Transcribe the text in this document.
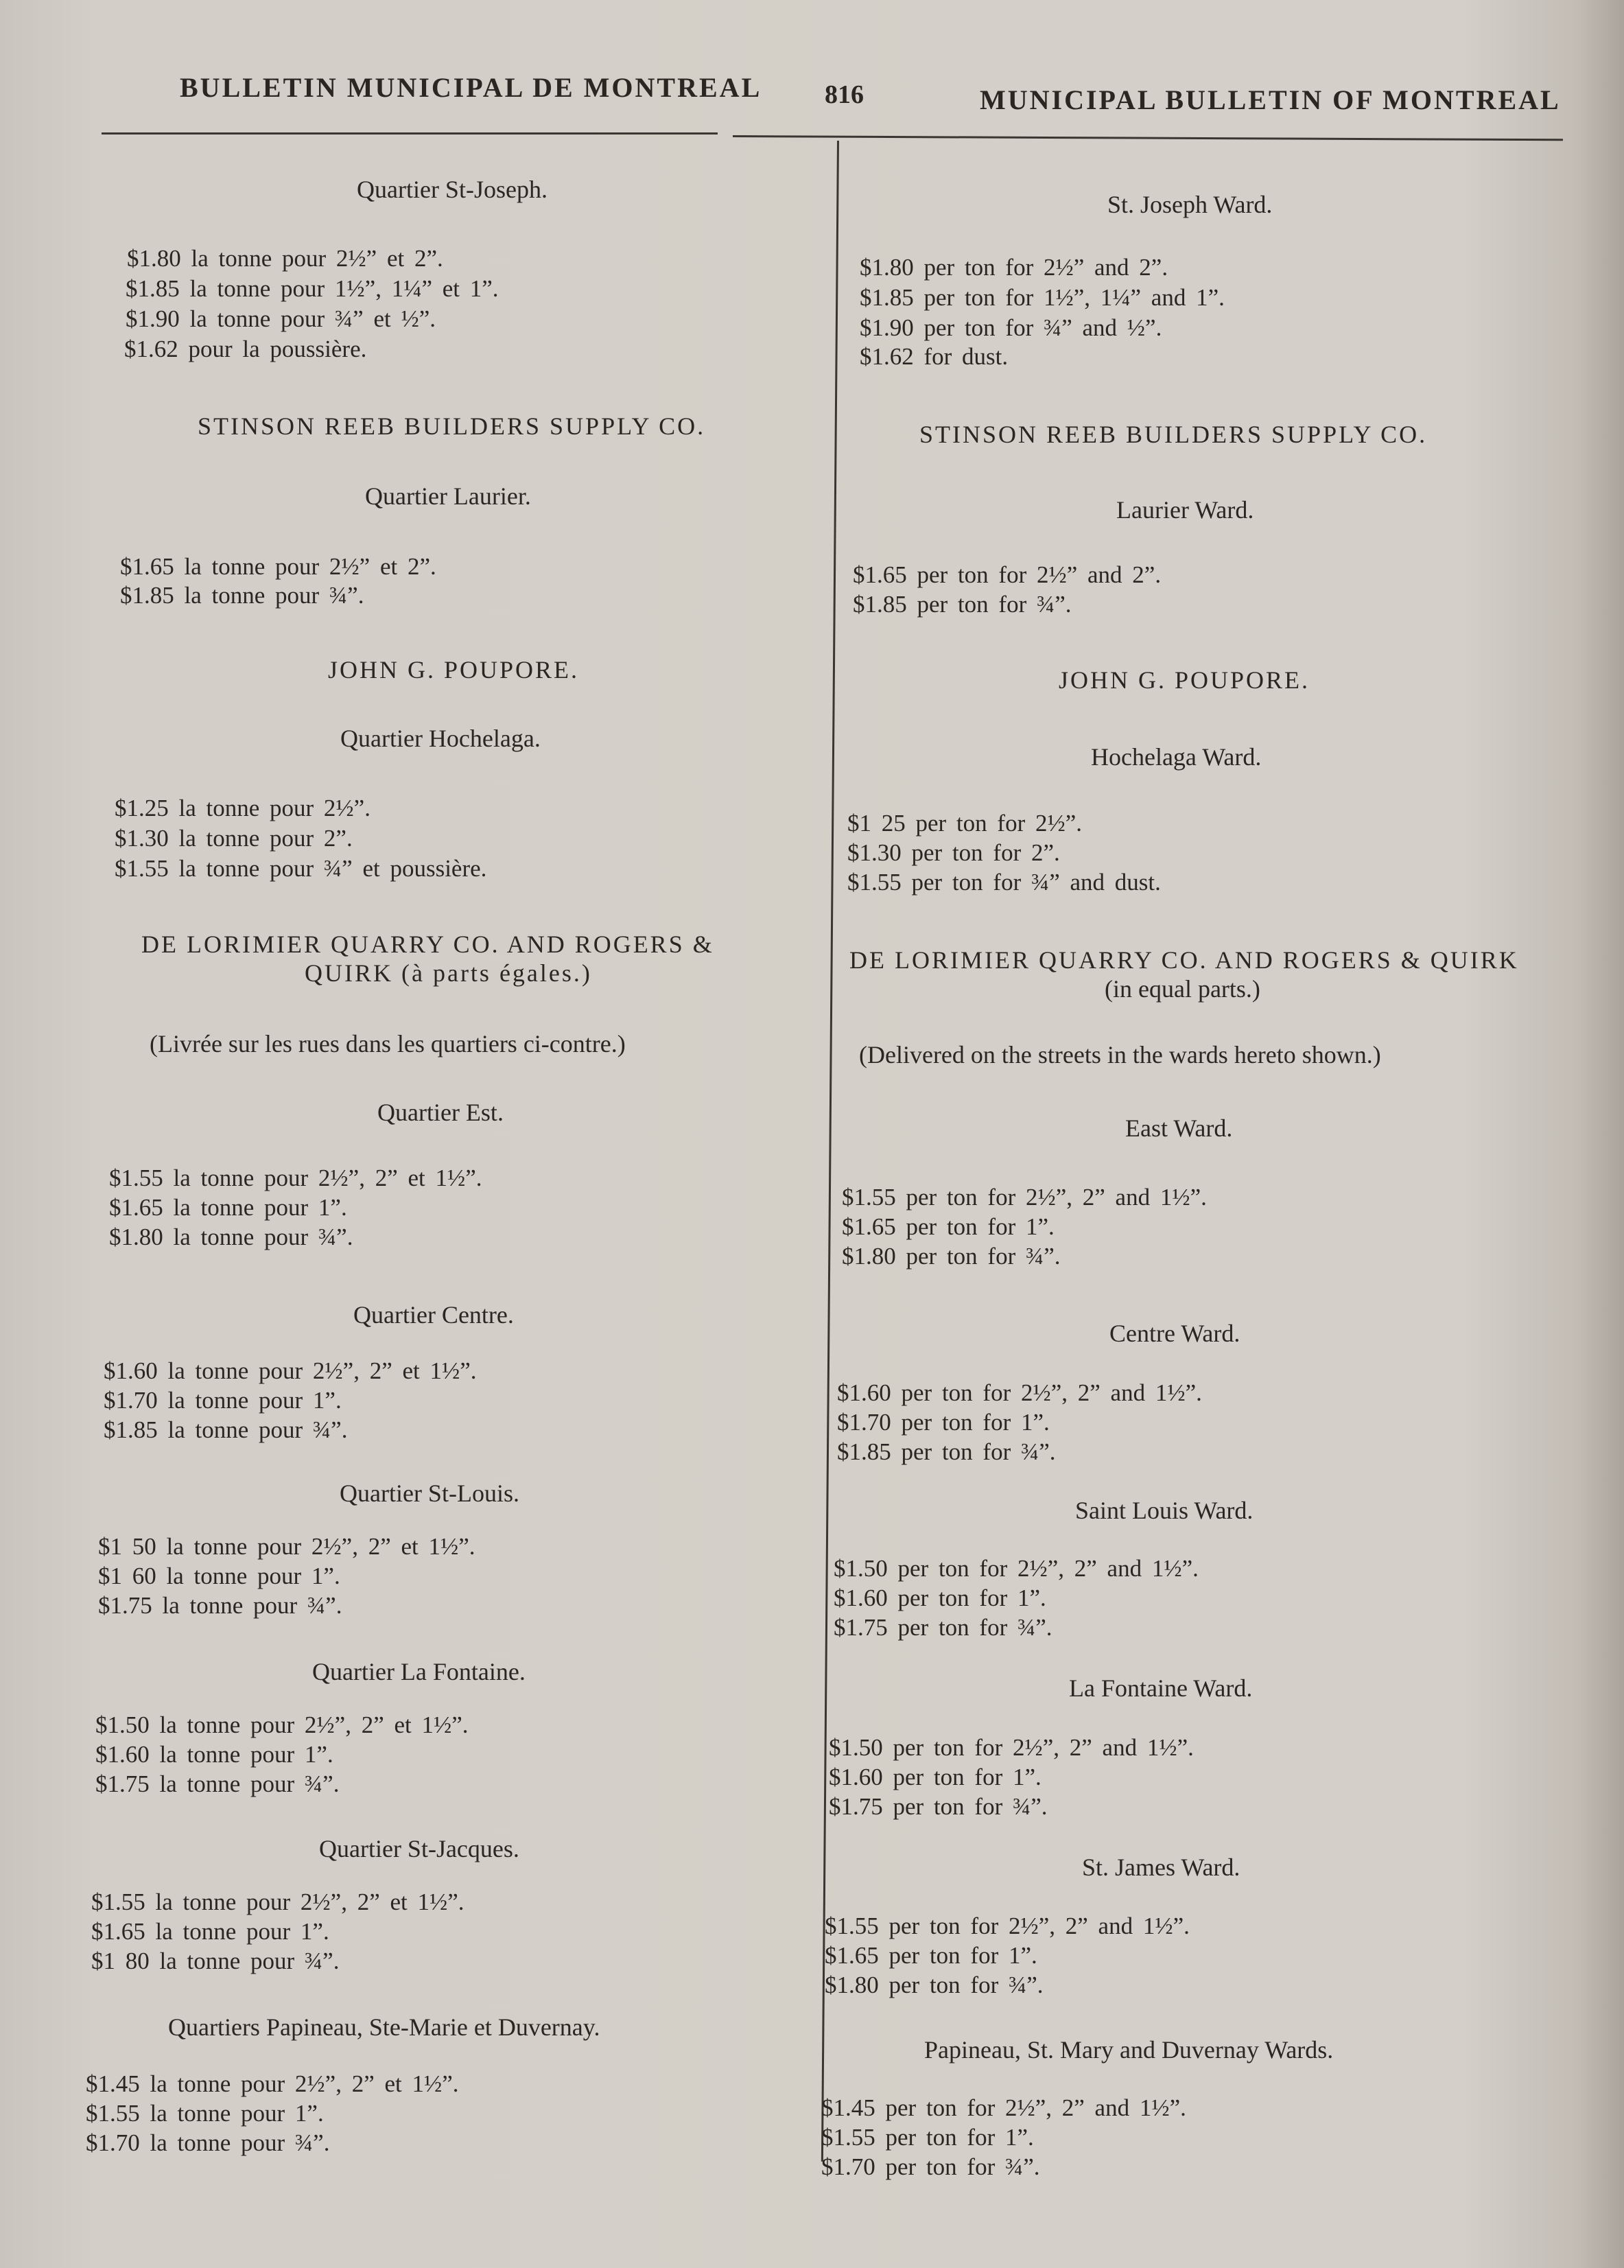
BULLETIN MUNICIPAL DE MONTREAL 816	MUNICIPAL BULLETIN OF MONTREAL
Quartier St-Joseph.
$1.80 la tonne pour 2½” et 2”.
$1.85 la tonne pour 1½”, 1¼” et 1”.
$1.90 la tonne pour ¾” et ½”.
$1.62 pour la poussière.
STINSON REEB BUILDERS SUPPLY CO.
Quartier Laurier.
$1.65 la tonne pour 2½” et 2”.
$1.85 la tonne pour ¾”.
JOHN G. POUPORE.
Quartier Hochelaga.
$1.25 la tonne pour 2½”.
$1.30 la tonne pour 2”.
$1.55 la tonne pour ¾” et poussière.
DE LORIMIER QUARRY CO. AND ROGERS &
QUIRK (à parts égales.)
(Livrée sur les rues dans les quartiers ci-contre.)
Quartier Est.
$1.55 la tonne pour 2½”, 2” et 1½”.
$1.65 la tonne pour 1”.
$1.80 la tonne pour ¾”.
Quartier Centre.
$1.60 la tonne pour 2½”, 2” et 1½”.
$1.70 la tonne pour 1”.
$1.85 la tonne pour ¾”.
Quartier St-Louis.
$1 50 la tonne pour 2½”, 2” et 1½”.
$1 60 la tonne pour 1”.
$1.75 la tonne pour ¾”.
Quartier La Fontaine.
$1.50 la tonne pour 2½”, 2” et 1½”.
$1.60 la tonne pour 1”.
$1.75 la tonne pour ¾”.
Quartier St-Jacques.
$1.55 la tonne pour 2½”, 2” et 1½”.
$1.65 la tonne pour 1”.
$1 80 la tonne pour ¾”.
Quartiers Papineau, Ste-Marie et Duvernay.
$1.45 la tonne pour 2½”, 2” et 1½”.
$1.55 la tonne pour 1”.
$1.70 la tonne pour ¾”.
St. Joseph Ward.
$1.80 per ton for 2½” and 2”.
$1.85 per ton for 1½”, 1¼” and 1”.
$1.90 per ton for ¾” and ½”.
$1.62 for dust.
STINSON REEB BUILDERS SUPPLY CO.
Laurier Ward.
$1.65 per ton for 2½” and 2”.
$1.85 per ton for ¾”.
JOHN G. POUPORE.
Hochelaga Ward.
$1 25 per ton for 2½”.
$1.30 per ton for 2”.
$1.55 per ton for ¾” and dust.
DE LORIMIER QUARRY CO. AND ROGERS & QUIRK
(in equal parts.)
(Delivered on the streets in the wards hereto shown.)
East Ward.
$1.55 per ton for 2½”, 2” and 1½”.
$1.65 per ton for 1”.
$1.80 per ton for ¾”.
Centre Ward.
$1.60 per ton for 2½”, 2” and 1½”.
$1.70 per ton for 1”.
$1.85 per ton for ¾”.
Saint Louis Ward.
$1.50 per ton for 2½”, 2” and 1½”.
$1.60 per ton for 1”.
$1.75 per ton for ¾”.
La Fontaine Ward.
$1.50 per ton for 2½”, 2” and 1½”.
$1.60 per ton for 1”.
$1.75 per ton for ¾”.
St. James Ward.
$1.55 per ton for 2½”, 2” and 1½”.
$1.65 per ton for 1”.
$1.80 per ton for ¾”.
Papineau, St. Mary and Duvernay Wards.
$1.45 per ton for 2½”, 2” and 1½”.
$1.55 per ton for 1”.
$1.70 per ton for ¾”.
